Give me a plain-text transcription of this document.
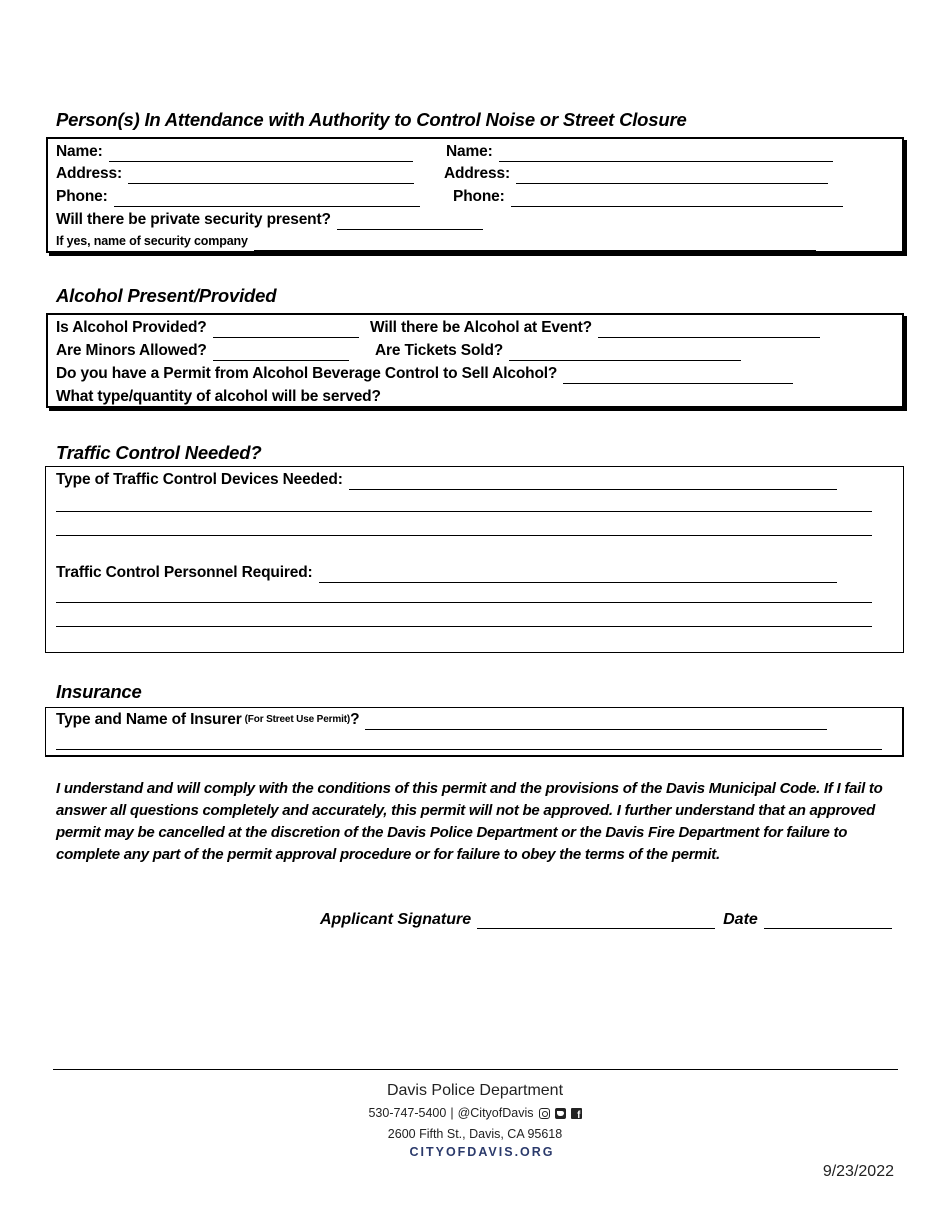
Person(s) In Attendance with Authority to Control Noise or Street Closure
Name:	Name:
Address:	Address:
Phone:	Phone:
Will there be private security present?
If yes, name of security company
Alcohol Present/Provided
Is Alcohol Provided?	Will there be Alcohol at Event?
Are Minors Allowed?	Are Tickets Sold?
Do you have a Permit from Alcohol Beverage Control to Sell Alcohol?
What type/quantity of alcohol will be served?
Traffic Control Needed?
Type of Traffic Control Devices Needed:
Traffic Control Personnel Required:
Insurance
Type and Name of Insurer (For Street Use Permit) ?
I understand and will comply with the conditions of this permit and the provisions of the Davis Municipal Code. If I fail to answer all questions completely and accurately, this permit will not be approved. I further understand that an approved permit may be cancelled at the discretion of the Davis Police Department or the Davis Fire Department for failure to complete any part of the permit approval procedure or for failure to obey the terms of the permit.
Applicant Signature	Date
Davis Police Department
530-747-5400 | @CityofDavis
f
2600 Fifth St., Davis, CA 95618
CITYOFDAVIS.ORG
9/23/2022
